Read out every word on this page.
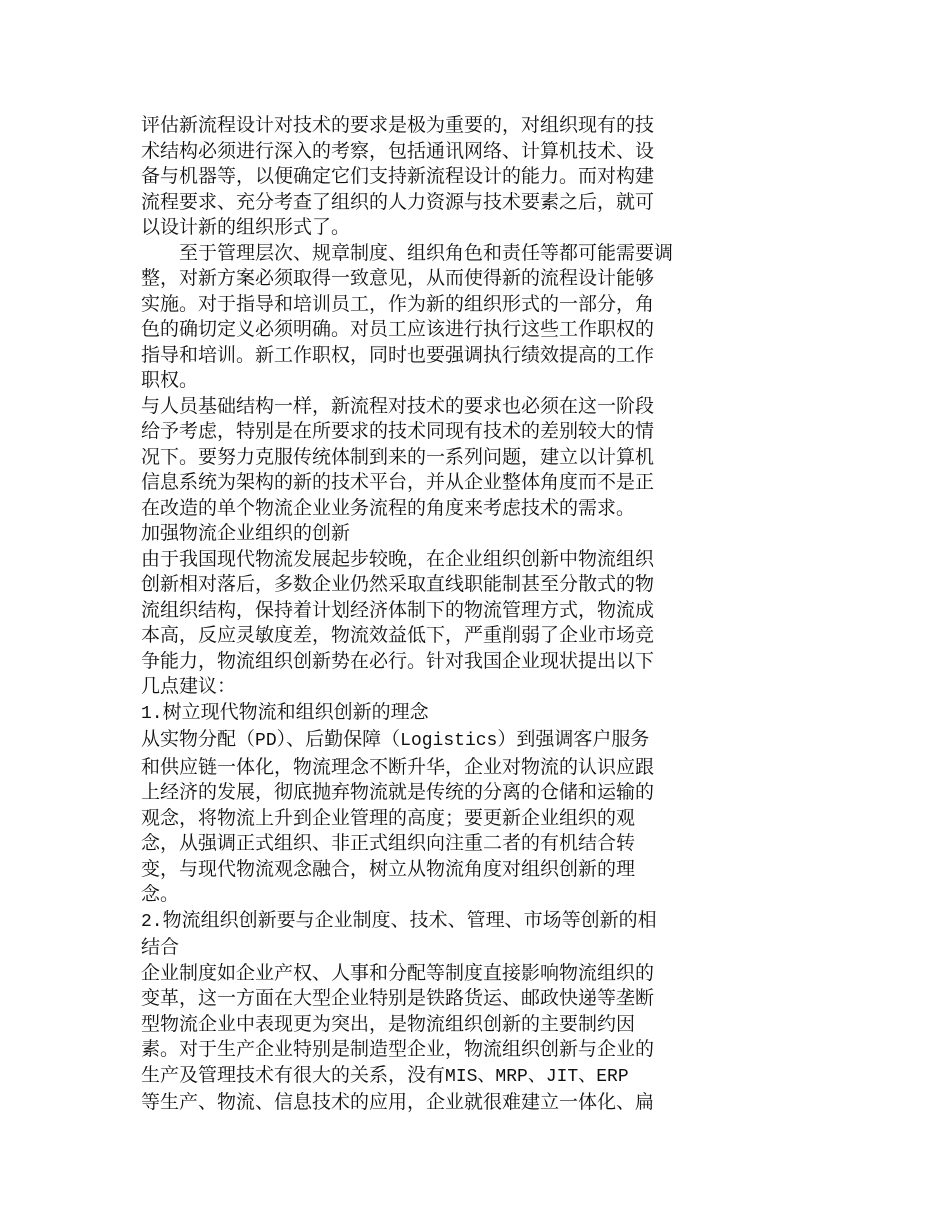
评估新流程设计对技术的要求是极为重要的，对组织现有的技
术结构必须进行深入的考察，包括通讯网络、计算机技术、设
备与机器等，以便确定它们支持新流程设计的能力。而对构建
流程要求、充分考查了组织的人力资源与技术要素之后，就可
以设计新的组织形式了。

至于管理层次、规章制度、组织角色和责任等都可能需要调
整，对新方案必须取得一致意见，从而使得新的流程设计能够
实施。对于指导和培训员工，作为新的组织形式的一部分，角
色的确切定义必须明确。对员工应该进行执行这些工作职权的
指导和培训。新工作职权，同时也要强调执行绩效提高的工作
职权。

与人员基础结构一样，新流程对技术的要求也必须在这一阶段
给予考虑，特别是在所要求的技术同现有技术的差别较大的情
况下。要努力克服传统体制到来的一系列问题，建立以计算机
信息系统为架构的新的技术平台，并从企业整体角度而不是正
在改造的单个物流企业业务流程的角度来考虑技术的需求。

加强物流企业组织的创新

由于我国现代物流发展起步较晚，在企业组织创新中物流组织
创新相对落后，多数企业仍然采取直线职能制甚至分散式的物
流组织结构，保持着计划经济体制下的物流管理方式，物流成
本高，反应灵敏度差，物流效益低下，严重削弱了企业市场竞
争能力，物流组织创新势在必行。针对我国企业现状提出以下
几点建议：

1.树立现代物流和组织创新的理念

从实物分配（PD）、后勤保障（Logistics）到强调客户服务
和供应链一体化，物流理念不断升华，企业对物流的认识应跟
上经济的发展，彻底抛弃物流就是传统的分离的仓储和运输的
观念，将物流上升到企业管理的高度；要更新企业组织的观
念，从强调正式组织、非正式组织向注重二者的有机结合转
变，与现代物流观念融合，树立从物流角度对组织创新的理
念。

2.物流组织创新要与企业制度、技术、管理、市场等创新的相
结合

企业制度如企业产权、人事和分配等制度直接影响物流组织的
变革，这一方面在大型企业特别是铁路货运、邮政快递等垄断
型物流企业中表现更为突出，是物流组织创新的主要制约因
素。对于生产企业特别是制造型企业，物流组织创新与企业的
生产及管理技术有很大的关系，没有MIS、MRP、JIT、ERP
等生产、物流、信息技术的应用，企业就很难建立一体化、扁
